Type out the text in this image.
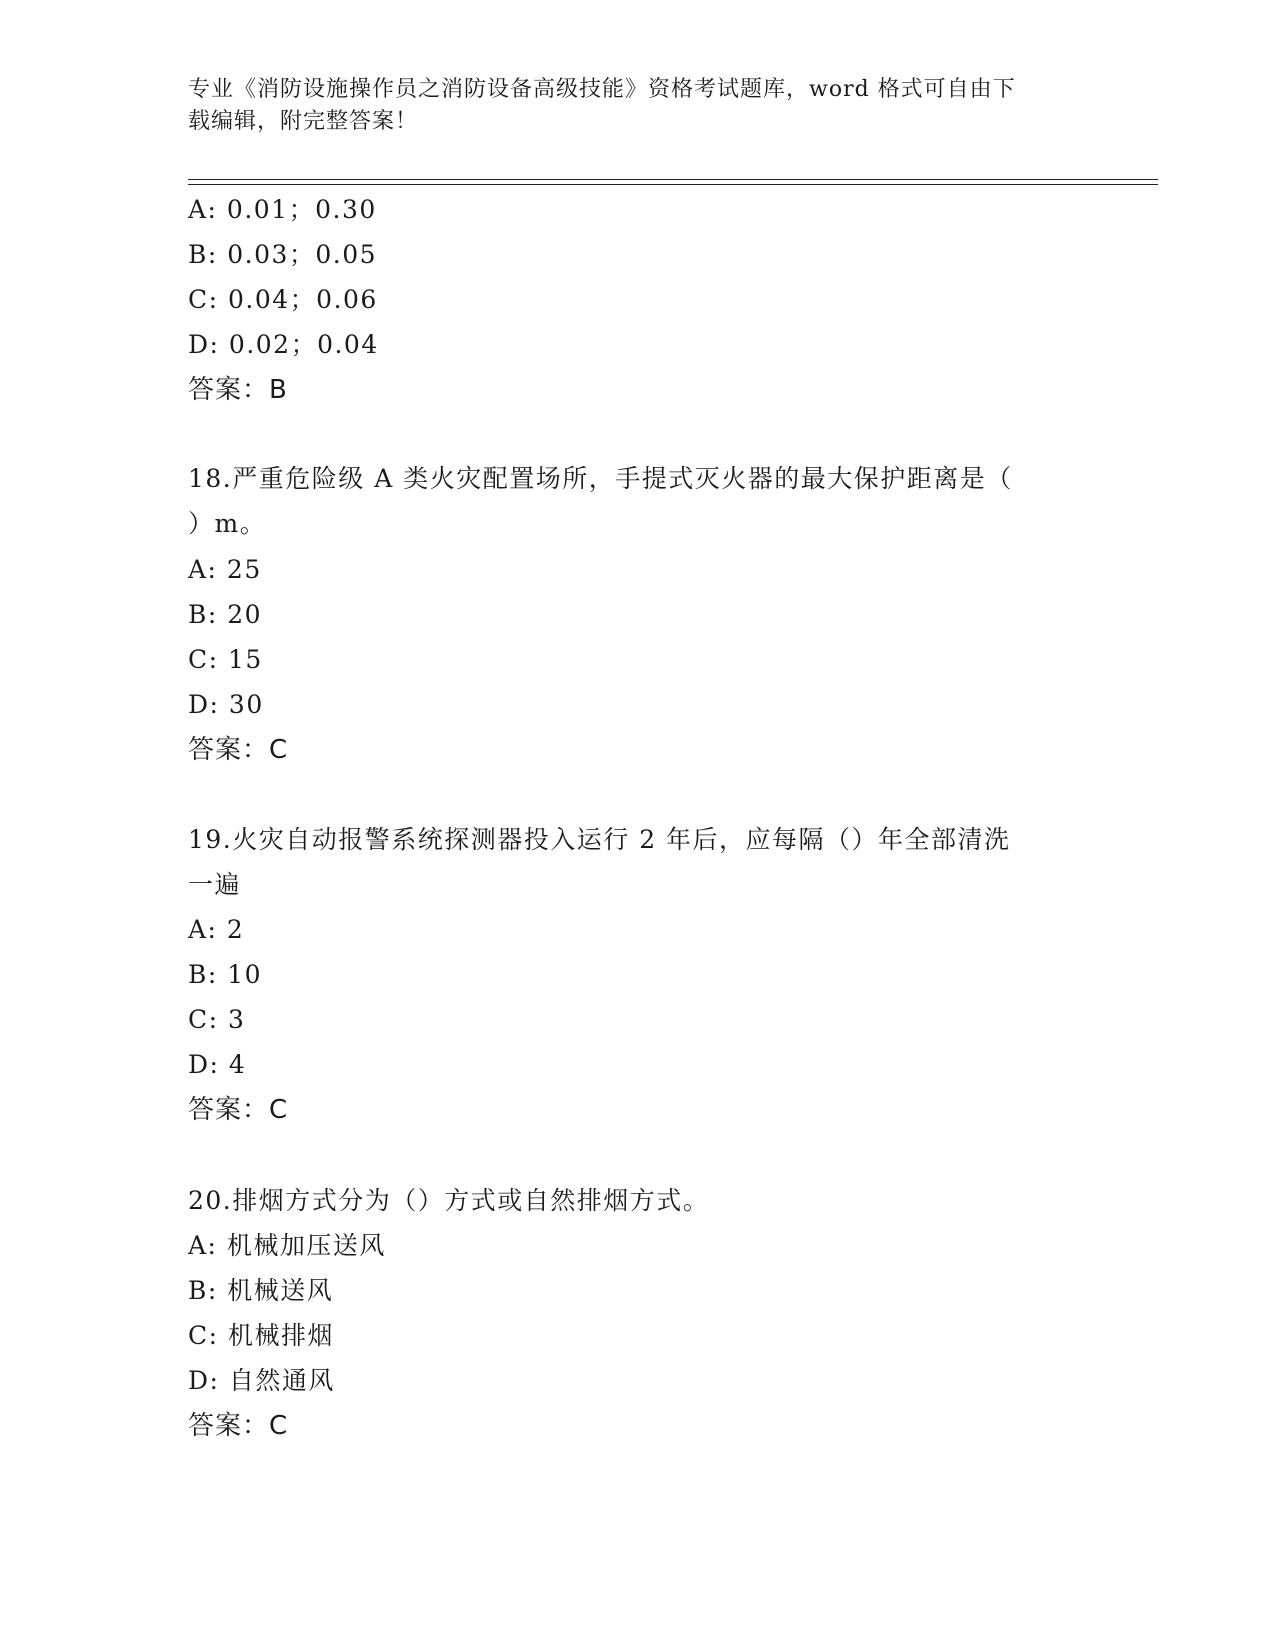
专业《消防设施操作员之消防设备高级技能》资格考试题库，word 格式可自由下
载编辑，附完整答案！
A: 0.01；0.30
B: 0.03；0.05
C: 0.04；0.06
D: 0.02；0.04
答案：B
18.严重危险级 A 类火灾配置场所，手提式灭火器的最大保护距离是（
）m。
A: 25
B: 20
C: 15
D: 30
答案：C
19.火灾自动报警系统探测器投入运行 2 年后，应每隔（）年全部清洗
一遍
A: 2
B: 10
C: 3
D: 4
答案：C
20.排烟方式分为（）方式或自然排烟方式。
A: 机械加压送风
B: 机械送风
C: 机械排烟
D: 自然通风
答案：C
